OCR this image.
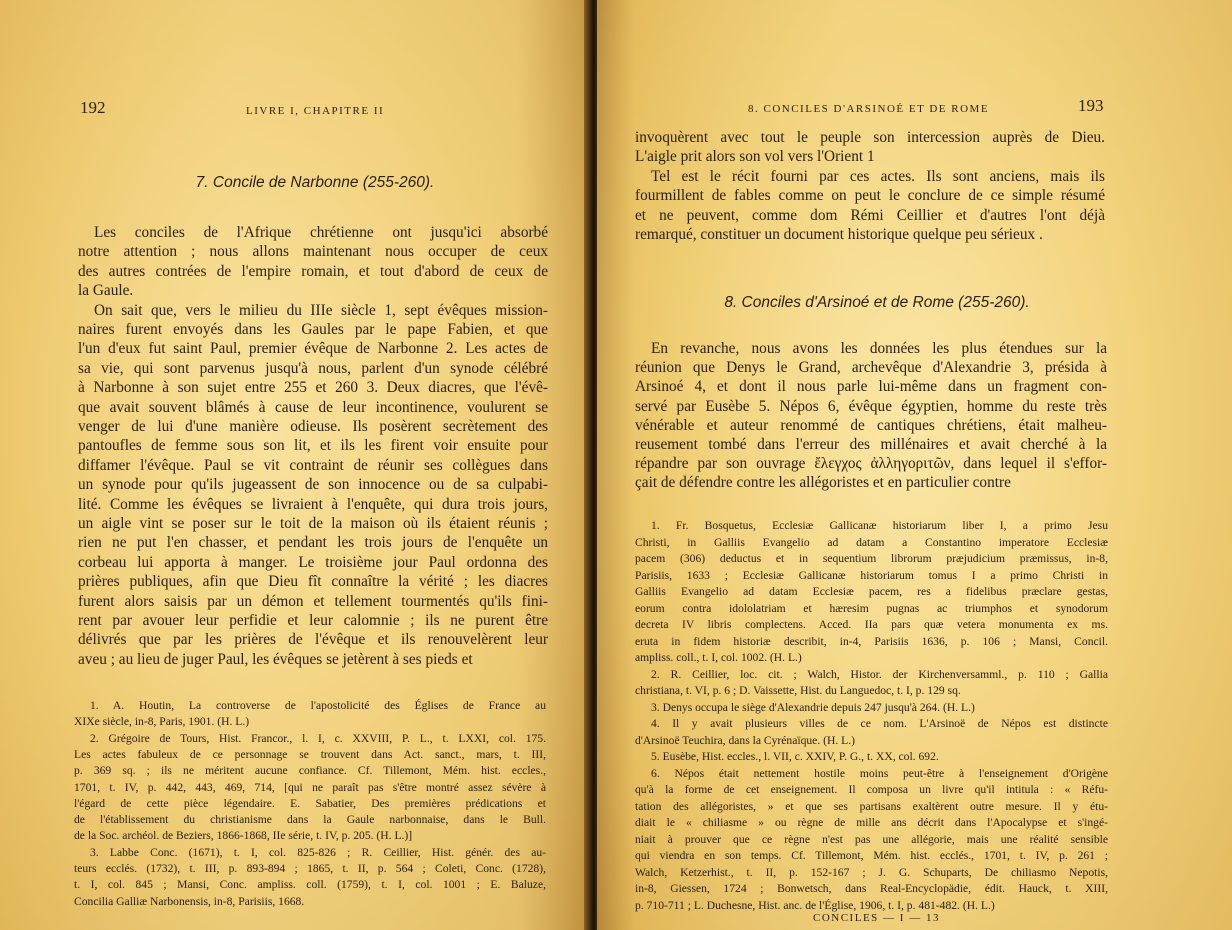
192	LIVRE I, CHAPITRE II
7. Concile de Narbonne (255-260).
Les conciles de l'Afrique chrétienne ont jusqu'ici absorbé
notre attention ; nous allons maintenant nous occuper de ceux
des autres contrées de l'empire romain, et tout d'abord de ceux de
la Gaule.
On sait que, vers le milieu du IIIe siècle 1, sept évêques mission-
naires furent envoyés dans les Gaules par le pape Fabien, et que
l'un d'eux fut saint Paul, premier évêque de Narbonne 2. Les actes de
sa vie, qui sont parvenus jusqu'à nous, parlent d'un synode célébré
à Narbonne à son sujet entre 255 et 260 3. Deux diacres, que l'évê-
que avait souvent blâmés à cause de leur incontinence, voulurent se
venger de lui d'une manière odieuse. Ils posèrent secrètement des
pantoufles de femme sous son lit, et ils les firent voir ensuite pour
diffamer l'évêque. Paul se vit contraint de réunir ses collègues dans
un synode pour qu'ils jugeassent de son innocence ou de sa culpabi-
lité. Comme les évêques se livraient à l'enquête, qui dura trois jours,
un aigle vint se poser sur le toit de la maison où ils étaient réunis ;
rien ne put l'en chasser, et pendant les trois jours de l'enquête un
corbeau lui apporta à manger. Le troisième jour Paul ordonna des
prières publiques, afin que Dieu fît connaître la vérité ; les diacres
furent alors saisis par un démon et tellement tourmentés qu'ils fini-
rent par avouer leur perfidie et leur calomnie ; ils ne purent être
délivrés que par les prières de l'évêque et ils renouvelèrent leur
aveu ; au lieu de juger Paul, les évêques se jetèrent à ses pieds et
1. A. Houtin, La controverse de l'apostolicité des Églises de France au
XIXe siècle, in-8, Paris, 1901. (H. L.)
2. Grégoire de Tours, Hist. Francor., l. I, c. XXVIII, P. L., t. LXXI, col. 175.
Les actes fabuleux de ce personnage se trouvent dans Act. sanct., mars, t. III,
p. 369 sq. ; ils ne méritent aucune confiance. Cf. Tillemont, Mém. hist. eccles.,
1701, t. IV, p. 442, 443, 469, 714, [qui ne paraît pas s'être montré assez sévère à
l'égard de cette pièce légendaire. E. Sabatier, Des premières prédications et
de l'établissement du christianisme dans la Gaule narbonnaise, dans le Bull.
de la Soc. archéol. de Beziers, 1866-1868, IIe série, t. IV, p. 205. (H. L.)]
3. Labbe Conc. (1671), t. I, col. 825-826 ; R. Ceillier, Hist. génér. des au-
teurs ecclés. (1732), t. III, p. 893-894 ; 1865, t. II, p. 564 ; Coleti, Conc. (1728),
t. I, col. 845 ; Mansi, Conc. ampliss. coll. (1759), t. I, col. 1001 ; E. Baluze,
Concilia Galliæ Narbonensis, in-8, Parisiis, 1668.
8. CONCILES D'ARSINOÉ ET DE ROME	193
invoquèrent avec tout le peuple son intercession auprès de Dieu.
L'aigle prit alors son vol vers l'Orient 1
Tel est le récit fourni par ces actes. Ils sont anciens, mais ils
fourmillent de fables comme on peut le conclure de ce simple résumé
et ne peuvent, comme dom Rémi Ceillier et d'autres l'ont déjà
remarqué, constituer un document historique quelque peu sérieux .
8. Conciles d'Arsinoé et de Rome (255-260).
En revanche, nous avons les données les plus étendues sur la
réunion que Denys le Grand, archevêque d'Alexandrie 3, présida à
Arsinoé 4, et dont il nous parle lui-même dans un fragment con-
servé par Eusèbe 5. Népos 6, évêque égyptien, homme du reste très
vénérable et auteur renommé de cantiques chrétiens, était malheu-
reusement tombé dans l'erreur des millénaires et avait cherché à la
répandre par son ouvrage ἔλεγχος ἀλληγοριτῶν, dans lequel il s'effor-
çait de défendre contre les allégoristes et en particulier contre
1. Fr. Bosquetus, Ecclesiæ Gallicanæ historiarum liber I, a primo Jesu
Christi, in Galliis Evangelio ad datam a Constantino imperatore Ecclesiæ
pacem (306) deductus et in sequentium librorum præjudicium præmissus, in-8,
Parisiis, 1633 ; Ecclesiæ Gallicanæ historiarum tomus I a primo Christi in
Galliis Evangelio ad datam Ecclesiæ pacem, res a fidelibus præclare gestas,
eorum contra idololatriam et hæresim pugnas ac triumphos et synodorum
decreta IV libris complectens. Acced. IIa pars quæ vetera monumenta ex ms.
eruta in fidem historiæ describit, in-4, Parisiis 1636, p. 106 ; Mansi, Concil.
ampliss. coll., t. I, col. 1002. (H. L.)
2. R. Ceillier, loc. cit. ; Walch, Histor. der Kirchenversamml., p. 110 ; Gallia
christiana, t. VI, p. 6 ; D. Vaissette, Hist. du Languedoc, t. I, p. 129 sq.
3. Denys occupa le siège d'Alexandrie depuis 247 jusqu'à 264. (H. L.)
4. Il y avait plusieurs villes de ce nom. L'Arsinoë de Népos est distincte
d'Arsinoë Teuchira, dans la Cyrénaïque. (H. L.)
5. Eusèbe, Hist. eccles., l. VII, c. XXIV, P. G., t. XX, col. 692.
6. Népos était nettement hostile moins peut-être à l'enseignement d'Origène
qu'à la forme de cet enseignement. Il composa un livre qu'il intitula : « Réfu-
tation des allégoristes, » et que ses partisans exaltèrent outre mesure. Il y étu-
diait le « chiliasme » ou règne de mille ans décrit dans l'Apocalypse et s'ingé-
niait à prouver que ce règne n'est pas une allégorie, mais une réalité sensible
qui viendra en son temps. Cf. Tillemont, Mém. hist. ecclés., 1701, t. IV, p. 261 ;
Walch, Ketzerhist., t. II, p. 152-167 ; J. G. Schuparts, De chiliasmo Nepotis,
in-8, Giessen, 1724 ; Bonwetsch, dans Real-Encyclopädie, édit. Hauck, t. XIII,
p. 710-711 ; L. Duchesne, Hist. anc. de l'Église, 1906, t. I, p. 481-482. (H. L.)
CONCILES — I — 13
